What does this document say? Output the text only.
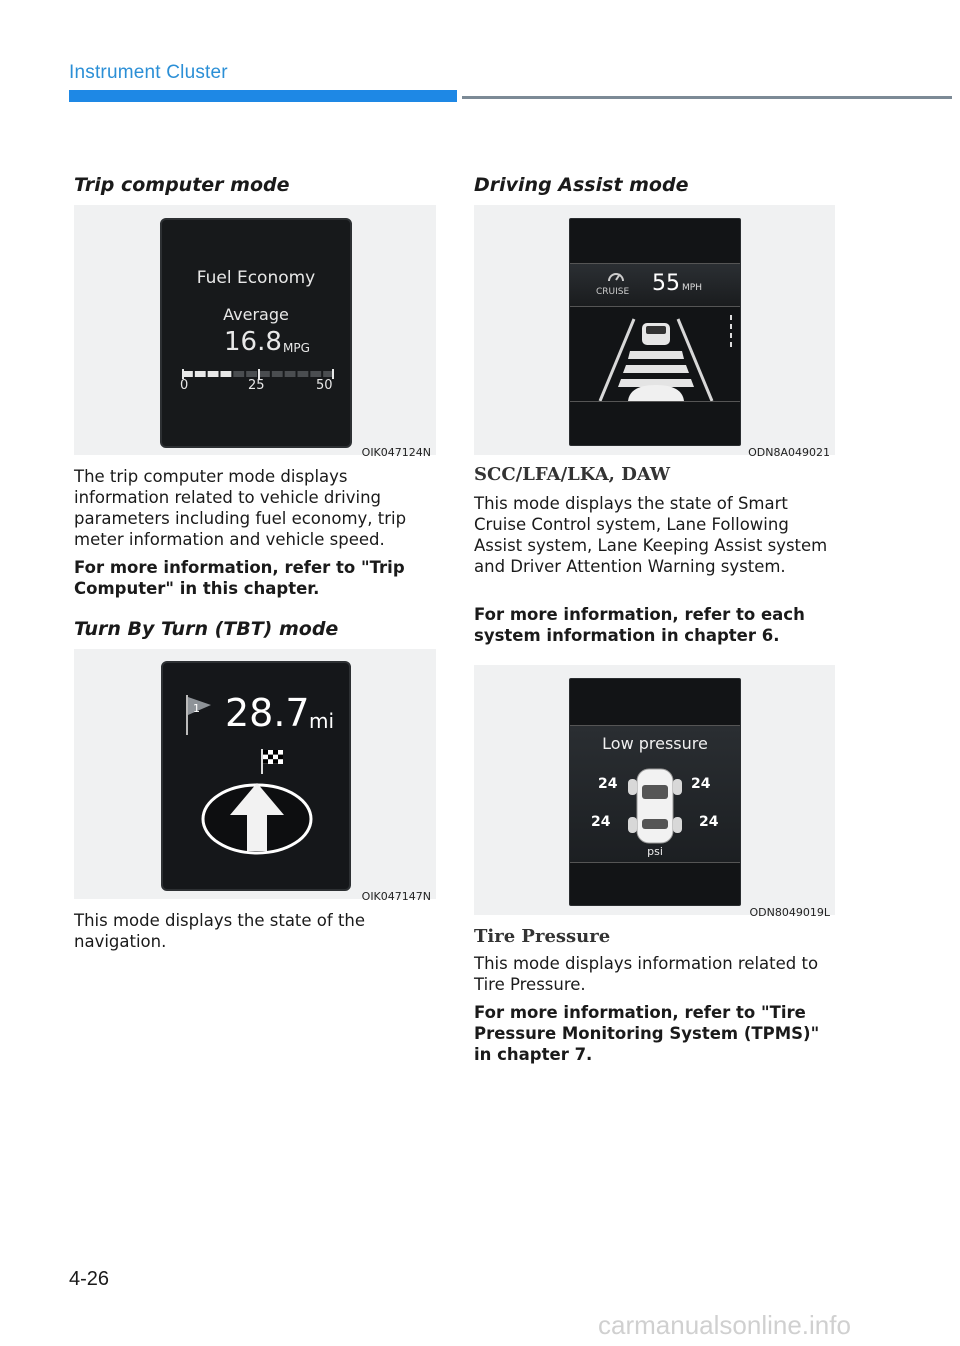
Instrument Cluster
Trip computer mode
Fuel Economy
Average
16.8 MPG
0	25	50
OIK047124N
The trip computer mode displays information related to vehicle driving parameters including fuel economy, trip meter information and vehicle speed.
For more information, refer to "Trip Computer" in this chapter.
Turn By Turn (TBT) mode
1 28.7 mi
OIK047147N
This mode displays the state of the navigation.
Driving Assist mode
CRUISE 55 MPH
ODN8A049021
SCC/LFA/LKA, DAW
This mode displays the state of Smart Cruise Control system, Lane Following Assist system, Lane Keeping Assist system and Driver Attention Warning system.
For more information, refer to each system information in chapter 6.
Low pressure
24	24
24	24
psi
ODN8049019L
Tire Pressure
This mode displays information related to Tire Pressure.
For more information, refer to "Tire Pressure Monitoring System (TPMS)" in chapter 7.
4-26
carmanualsonline.info
